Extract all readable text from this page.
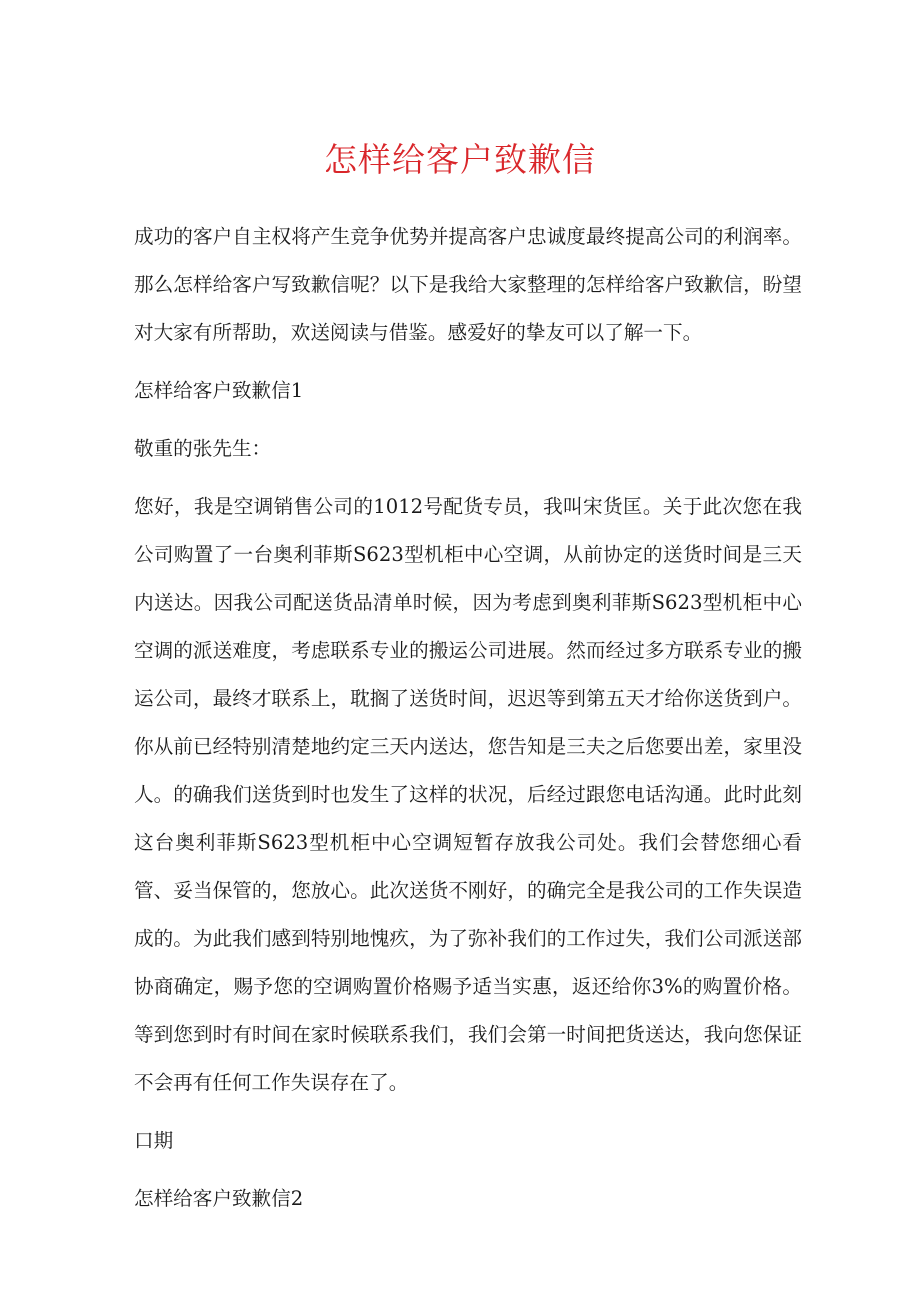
怎样给客户致歉信

成功的客户自主权将产生竞争优势并提高客户忠诚度最终提高公司的利润率。那么怎样给客户写致歉信呢？以下是我给大家整理的怎样给客户致歉信，盼望对大家有所帮助，欢送阅读与借鉴。感爱好的挚友可以了解一下。

怎样给客户致歉信1

敬重的张先生：

您好，我是空调销售公司的1012号配货专员，我叫宋货匡。关于此次您在我公司购置了一台奥利菲斯S623型机柜中心空调，从前协定的送货时间是三天内送达。因我公司配送货品清单时候，因为考虑到奥利菲斯S623型机柜中心空调的派送难度，考虑联系专业的搬运公司进展。然而经过多方联系专业的搬运公司，最终才联系上，耽搁了送货时间，迟迟等到第五天才给你送货到户。你从前已经特别清楚地约定三天内送达，您告知是三夫之后您要出差，家里没人。的确我们送货到时也发生了这样的状况，后经过跟您电话沟通。此时此刻这台奥利菲斯S623型机柜中心空调短暂存放我公司处。我们会替您细心看管、妥当保管的，您放心。此次送货不刚好，的确完全是我公司的工作失误造成的。为此我们感到特别地愧疚，为了弥补我们的工作过失，我们公司派送部协商确定，赐予您的空调购置价格赐予适当实惠，返还给你3%的购置价格。等到您到时有时间在家时候联系我们，我们会第一时间把货送达，我向您保证不会再有任何工作失误存在了。

口期

怎样给客户致歉信2
